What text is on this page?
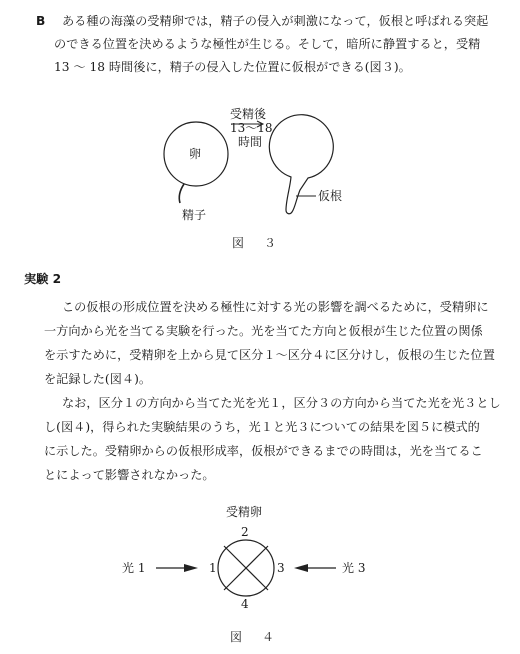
B ある種の海藻の受精卵では，精子の侵入が刺激になって，仮根と呼ばれる突起
のできる位置を決めるような極性が生じる。そして，暗所に静置すると，受精
13 〜 18 時間後に，精子の侵入した位置に仮根ができる(図３)。
卵
精子
受精後
13〜18
時間
仮根
2
1	3
4
光 1	光 3
図　３
実験 2
この仮根の形成位置を決める極性に対する光の影響を調べるために，受精卵に
一方向から光を当てる実験を行った。光を当てた方向と仮根が生じた位置の関係
を示すために，受精卵を上から見て区分１〜区分４に区分けし，仮根の生じた位置
を記録した(図４)。
なお，区分１の方向から当てた光を光１，区分３の方向から当てた光を光３とし
し(図４)，得られた実験結果のうち，光１と光３についての結果を図５に模式的
に示した。受精卵からの仮根形成率，仮根ができるまでの時間は，光を当てるこ
とによって影響されなかった。
受精卵
図　４
